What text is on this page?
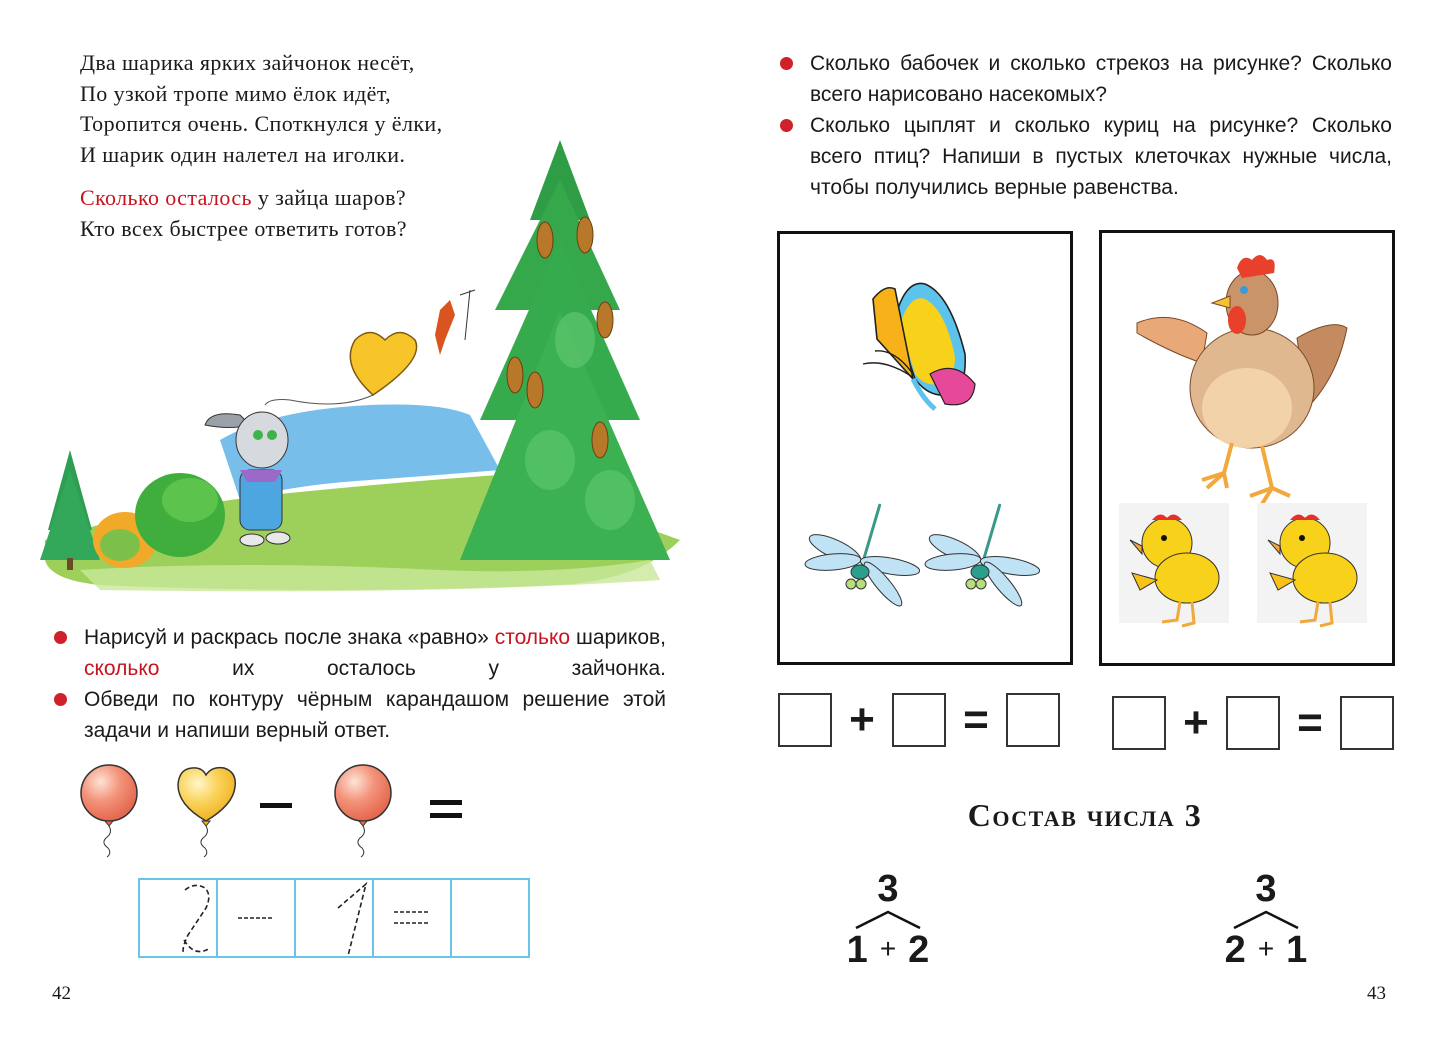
Два шарика ярких зайчонок несёт,
По узкой тропе мимо ёлок идёт,
Торопится очень. Споткнулся у ёлки,
И шарик один налетел на иголки.
Сколько осталось у зайца шаров?
Кто всех быстрее ответить готов?
Нарисуй и раскрась после знака «равно» столько шариков, сколько их осталось у зайчонка.
Обведи по контуру чёрным карандашом решение этой задачи и напиши верный ответ.
42
Сколько бабочек и сколько стрекоз на рисунке? Сколько всего нарисовано насекомых?
Сколько цыплят и сколько куриц на рисунке? Сколько всего птиц? Напиши в пустых клеточках нужные числа, чтобы получились верные равенства.
+	=	+	=
Состав числа 3
3
1 + 2
3
2 + 1
43
